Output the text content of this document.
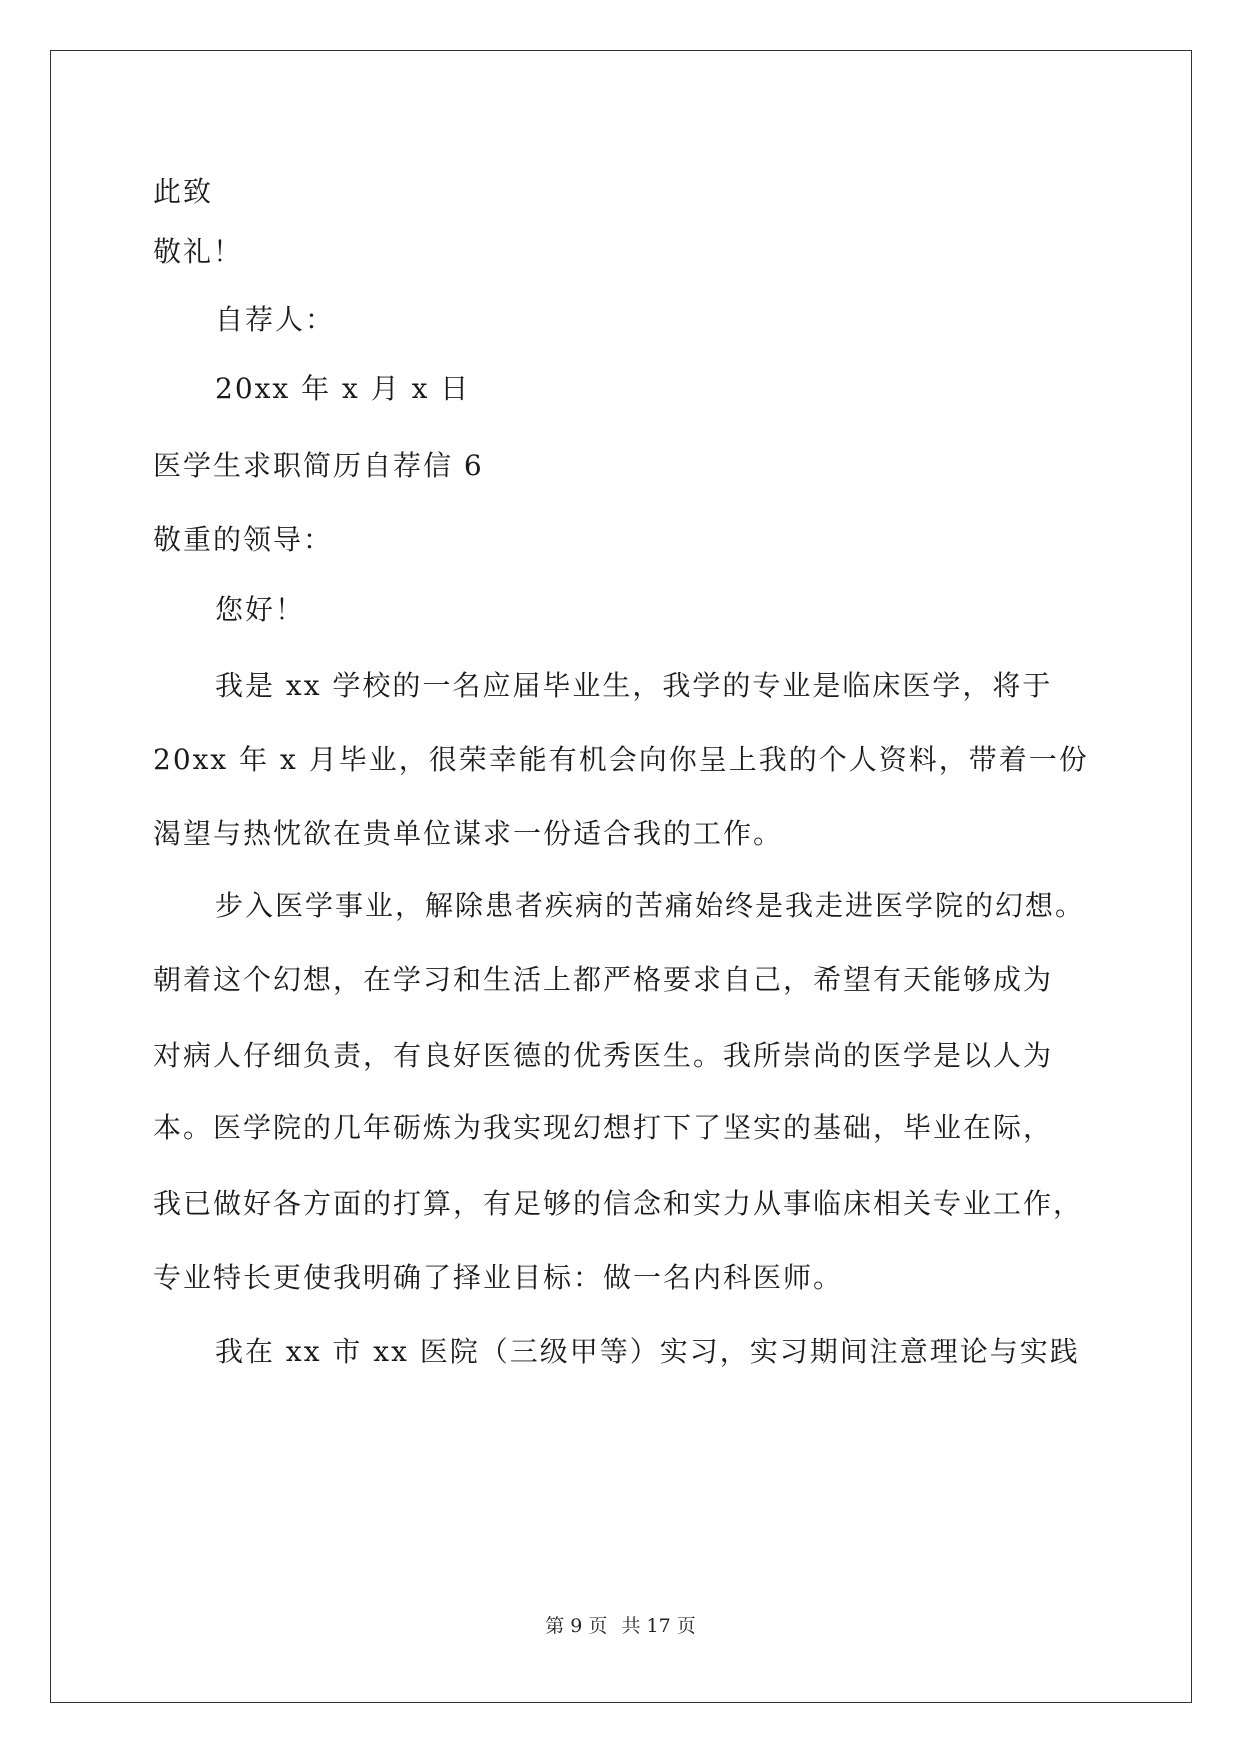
此致
敬礼！
自荐人：
20xx 年 x 月 x 日
医学生求职简历自荐信 6
敬重的领导：
您好！
我是 xx 学校的一名应届毕业生，我学的专业是临床医学，将于
20xx 年 x 月毕业，很荣幸能有机会向你呈上我的个人资料，带着一份
渴望与热忱欲在贵单位谋求一份适合我的工作。
步入医学事业，解除患者疾病的苦痛始终是我走进医学院的幻想。
朝着这个幻想，在学习和生活上都严格要求自己，希望有天能够成为
对病人仔细负责，有良好医德的优秀医生。我所崇尚的医学是以人为
本。医学院的几年砺炼为我实现幻想打下了坚实的基础，毕业在际，
我已做好各方面的打算，有足够的信念和实力从事临床相关专业工作，
专业特长更使我明确了择业目标：做一名内科医师。
我在 xx 市 xx 医院（三级甲等）实习，实习期间注意理论与实践
第 9 页 共 17 页
